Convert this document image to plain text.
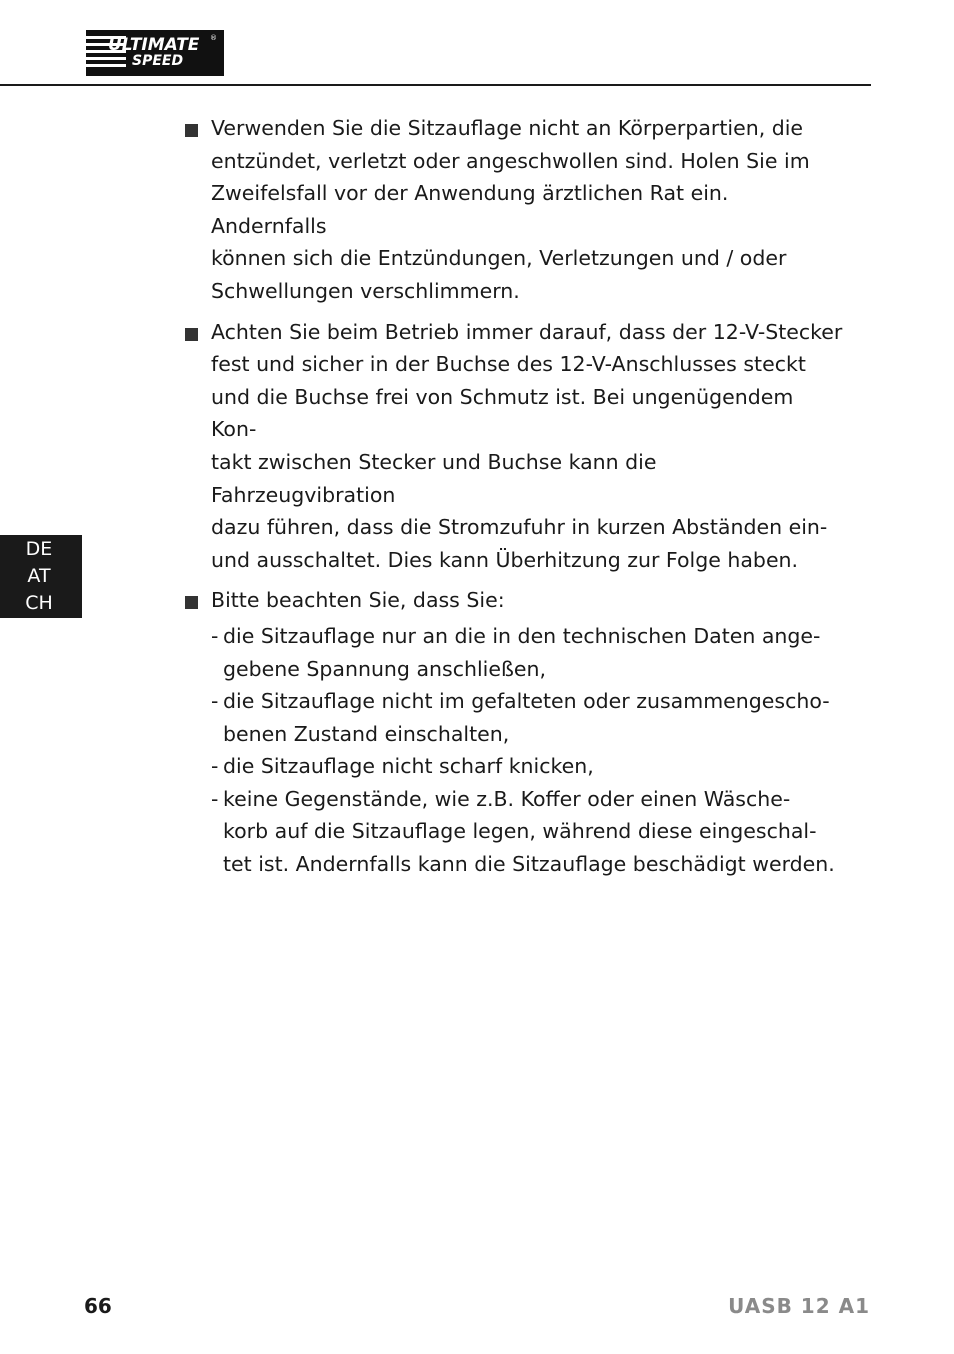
ULTIMATE
SPEED
®
Verwenden Sie die Sitzauflage nicht an Körperpartien, die
entzündet, verletzt oder angeschwollen sind. Holen Sie im
Zweifelsfall vor der Anwendung ärztlichen Rat ein. Andernfalls
können sich die Entzündungen, Verletzungen und / oder
Schwellungen verschlimmern.
Achten Sie beim Betrieb immer darauf, dass der 12-V-Stecker
fest und sicher in der Buchse des 12-V-Anschlusses steckt
und die Buchse frei von Schmutz ist. Bei ungenügendem Kon-
takt zwischen Stecker und Buchse kann die Fahrzeugvibration
dazu führen, dass die Stromzufuhr in kurzen Abständen ein-
und ausschaltet. Dies kann Überhitzung zur Folge haben.
Bitte beachten Sie, dass Sie:
- die Sitzauflage nur an die in den technischen Daten ange-
gebene Spannung anschließen,
- die Sitzauflage nicht im gefalteten oder zusammengescho-
benen Zustand einschalten,
- die Sitzauflage nicht scharf knicken,
- keine Gegenstände, wie z.B. Koffer oder einen Wäsche-
korb auf die Sitzauflage legen, während diese eingeschal-
tet ist. Andernfalls kann die Sitzauflage beschädigt werden.
DE
AT
CH
66	UASB 12 A1
